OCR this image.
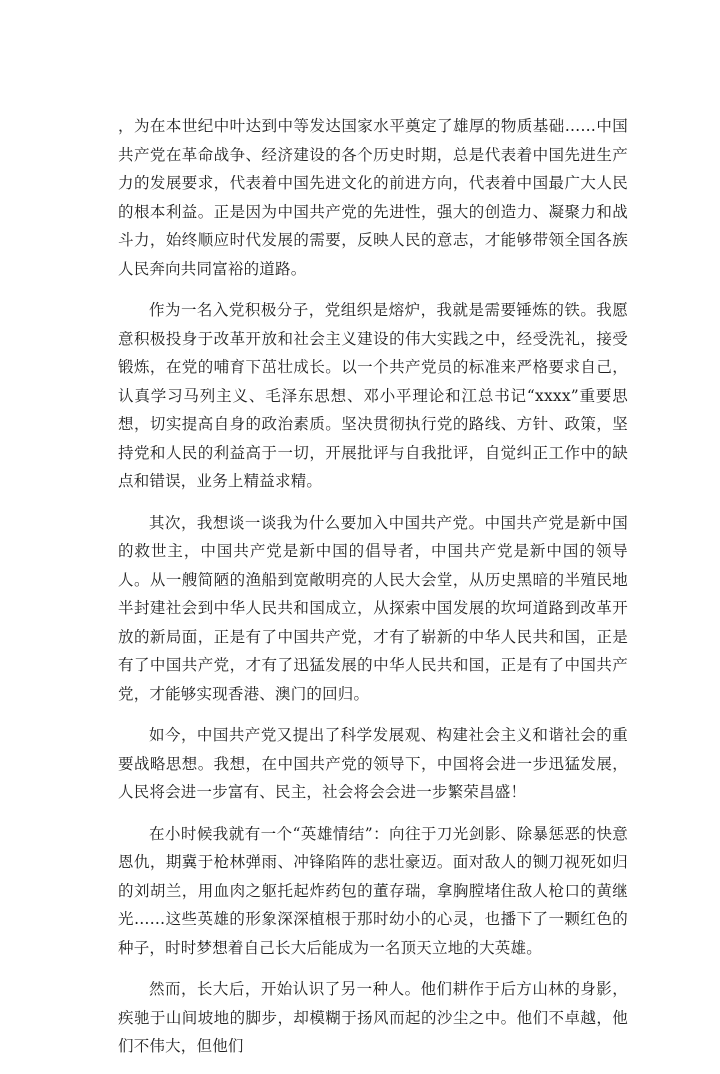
，为在本世纪中叶达到中等发达国家水平奠定了雄厚的物质基础……中国共产党在革命战争、经济建设的各个历史时期，总是代表着中国先进生产力的发展要求，代表着中国先进文化的前进方向，代表着中国最广大人民的根本利益。正是因为中国共产党的先进性，强大的创造力、凝聚力和战斗力，始终顺应时代发展的需要，反映人民的意志，才能够带领全国各族人民奔向共同富裕的道路。

作为一名入党积极分子，党组织是熔炉，我就是需要锤炼的铁。我愿意积极投身于改革开放和社会主义建设的伟大实践之中，经受洗礼，接受锻炼，在党的哺育下茁壮成长。以一个共产党员的标准来严格要求自己，认真学习马列主义、毛泽东思想、邓小平理论和江总书记“xxxx”重要思想，切实提高自身的政治素质。坚决贯彻执行党的路线、方针、政策，坚持党和人民的利益高于一切，开展批评与自我批评，自觉纠正工作中的缺点和错误，业务上精益求精。

其次，我想谈一谈我为什么要加入中国共产党。中国共产党是新中国的救世主，中国共产党是新中国的倡导者，中国共产党是新中国的领导人。从一艘简陋的渔船到宽敞明亮的人民大会堂，从历史黑暗的半殖民地半封建社会到中华人民共和国成立，从探索中国发展的坎坷道路到改革开放的新局面，正是有了中国共产党，才有了崭新的中华人民共和国，正是有了中国共产党，才有了迅猛发展的中华人民共和国，正是有了中国共产党，才能够实现香港、澳门的回归。

如今，中国共产党又提出了科学发展观、构建社会主义和谐社会的重要战略思想。我想，在中国共产党的领导下，中国将会进一步迅猛发展，人民将会进一步富有、民主，社会将会会进一步繁荣昌盛！

在小时候我就有一个“英雄情结”：向往于刀光剑影、除暴惩恶的快意恩仇，期冀于枪林弹雨、冲锋陷阵的悲壮豪迈。面对敌人的铡刀视死如归的刘胡兰，用血肉之躯托起炸药包的董存瑞，拿胸膛堵住敌人枪口的黄继光……这些英雄的形象深深植根于那时幼小的心灵，也播下了一颗红色的种子，时时梦想着自己长大后能成为一名顶天立地的大英雄。

然而，长大后，开始认识了另一种人。他们耕作于后方山林的身影，疾驰于山间坡地的脚步，却模糊于扬风而起的沙尘之中。他们不卓越，他们不伟大，但他们
